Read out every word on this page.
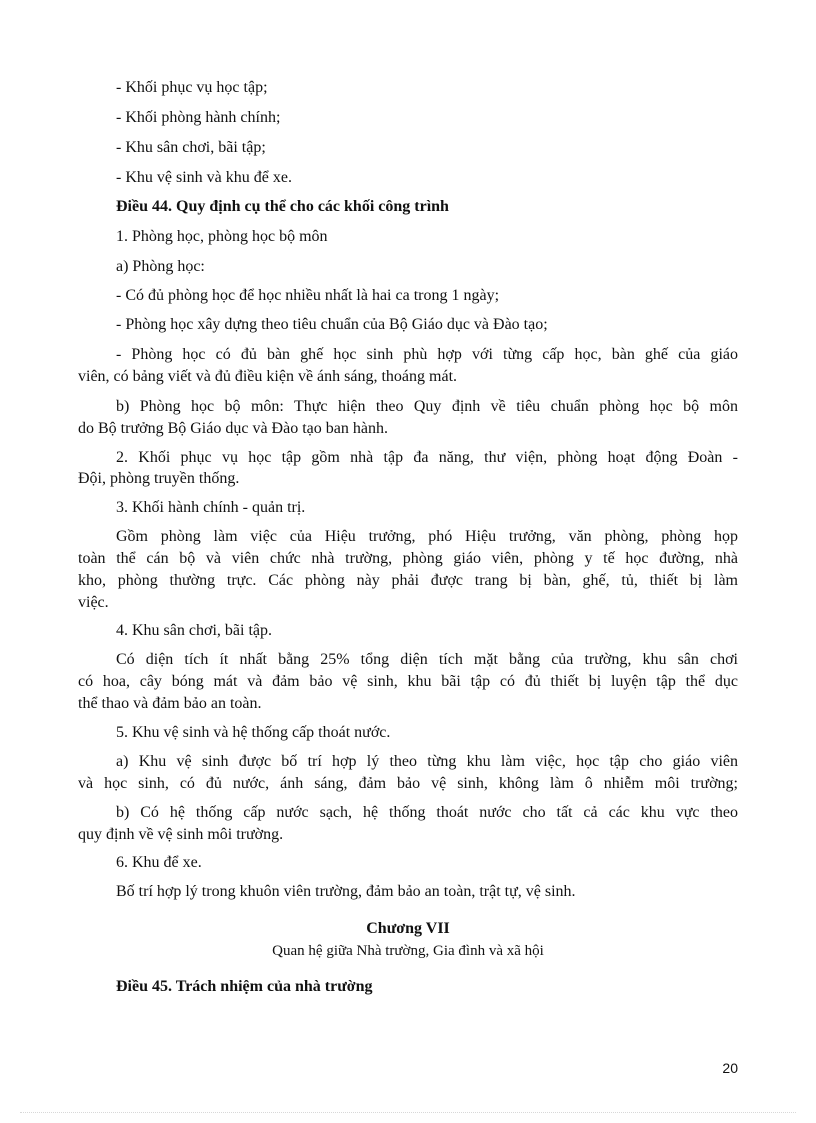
- Khối phục vụ học tập;
- Khối phòng hành chính;
- Khu sân chơi, bãi tập;
- Khu vệ sinh và khu để xe.
Điều 44. Quy định cụ thể cho các khối công trình
1. Phòng học, phòng học bộ môn
a) Phòng học:
- Có đủ phòng học để học nhiều nhất là hai ca trong 1 ngày;
- Phòng học xây dựng theo tiêu chuẩn của Bộ Giáo dục và Đào tạo;
- Phòng học có đủ bàn ghế học sinh phù hợp với từng cấp học, bàn ghế của giáo
viên, có bảng viết và đủ điều kiện về ánh sáng, thoáng mát.
b) Phòng học bộ môn: Thực hiện theo Quy định về tiêu chuẩn phòng học bộ môn
do Bộ trưởng Bộ Giáo dục và Đào tạo ban hành.
2. Khối phục vụ học tập gồm nhà tập đa năng, thư viện, phòng hoạt động Đoàn -
Đội, phòng truyền thống.
3. Khối hành chính - quản trị.
Gồm phòng làm việc của Hiệu trưởng, phó Hiệu trưởng, văn phòng, phòng họp
toàn thể cán bộ và viên chức nhà trường, phòng giáo viên, phòng y tế học đường, nhà
kho, phòng thường trực. Các phòng này phải được trang bị bàn, ghế, tủ, thiết bị làm
việc.
4. Khu sân chơi, bãi tập.
Có diện tích ít nhất bằng 25% tổng diện tích mặt bằng của trường, khu sân chơi
có hoa, cây bóng mát và đảm bảo vệ sinh, khu bãi tập có đủ thiết bị luyện tập thể dục
thể thao và đảm bảo an toàn.
5. Khu vệ sinh và hệ thống cấp thoát nước.
a) Khu vệ sinh được bố trí hợp lý theo từng khu làm việc, học tập cho giáo viên
và học sinh, có đủ nước, ánh sáng, đảm bảo vệ sinh, không làm ô nhiễm môi trường;
b) Có hệ thống cấp nước sạch, hệ thống thoát nước cho tất cả các khu vực theo
quy định về vệ sinh môi trường.
6. Khu để xe.
Bố trí hợp lý trong khuôn viên trường, đảm bảo an toàn, trật tự, vệ sinh.
Chương VII
Quan hệ giữa Nhà trường, Gia đình và xã hội
Điều 45. Trách nhiệm của nhà trường
20
